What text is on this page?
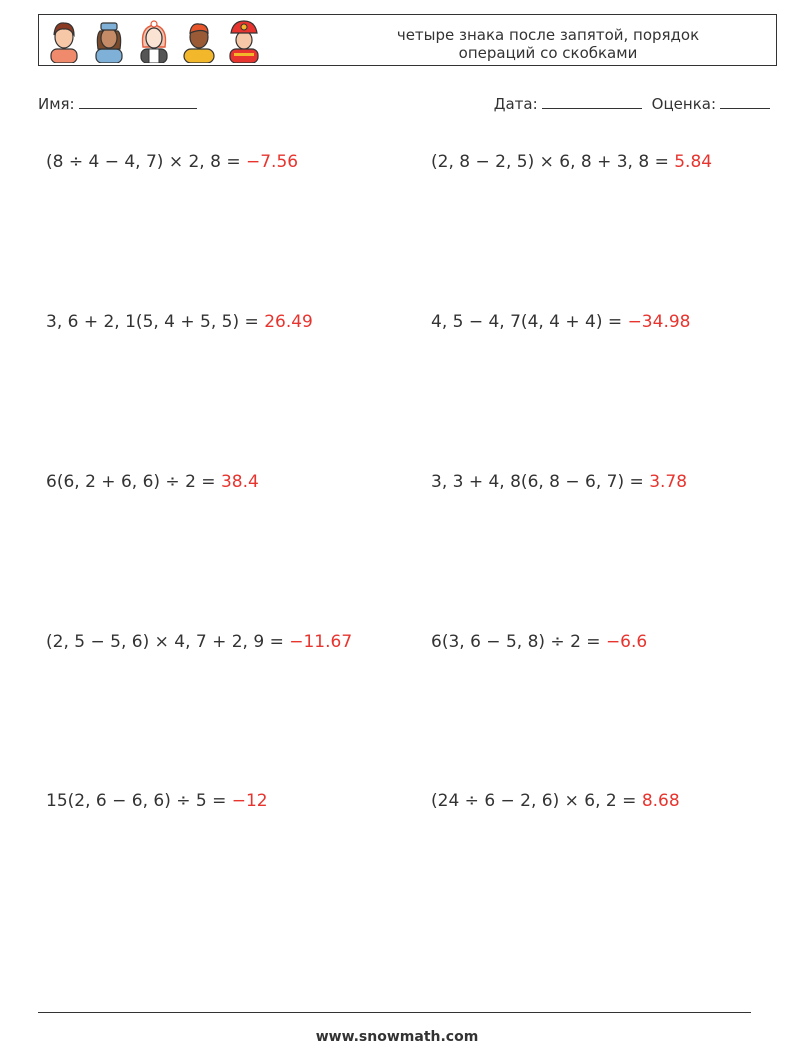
четыре знака после запятой, порядок
операций со скобками
Имя:	Дата:	Оценка:
(8 ÷ 4 − 4, 7) × 2, 8 = −7.56	(2, 8 − 2, 5) × 6, 8 + 3, 8 = 5.84
3, 6 + 2, 1(5, 4 + 5, 5) = 26.49	4, 5 − 4, 7(4, 4 + 4) = −34.98
6(6, 2 + 6, 6) ÷ 2 = 38.4	3, 3 + 4, 8(6, 8 − 6, 7) = 3.78
(2, 5 − 5, 6) × 4, 7 + 2, 9 = −11.67	6(3, 6 − 5, 8) ÷ 2 = −6.6
15(2, 6 − 6, 6) ÷ 5 = −12	(24 ÷ 6 − 2, 6) × 6, 2 = 8.68
www.snowmath.com
